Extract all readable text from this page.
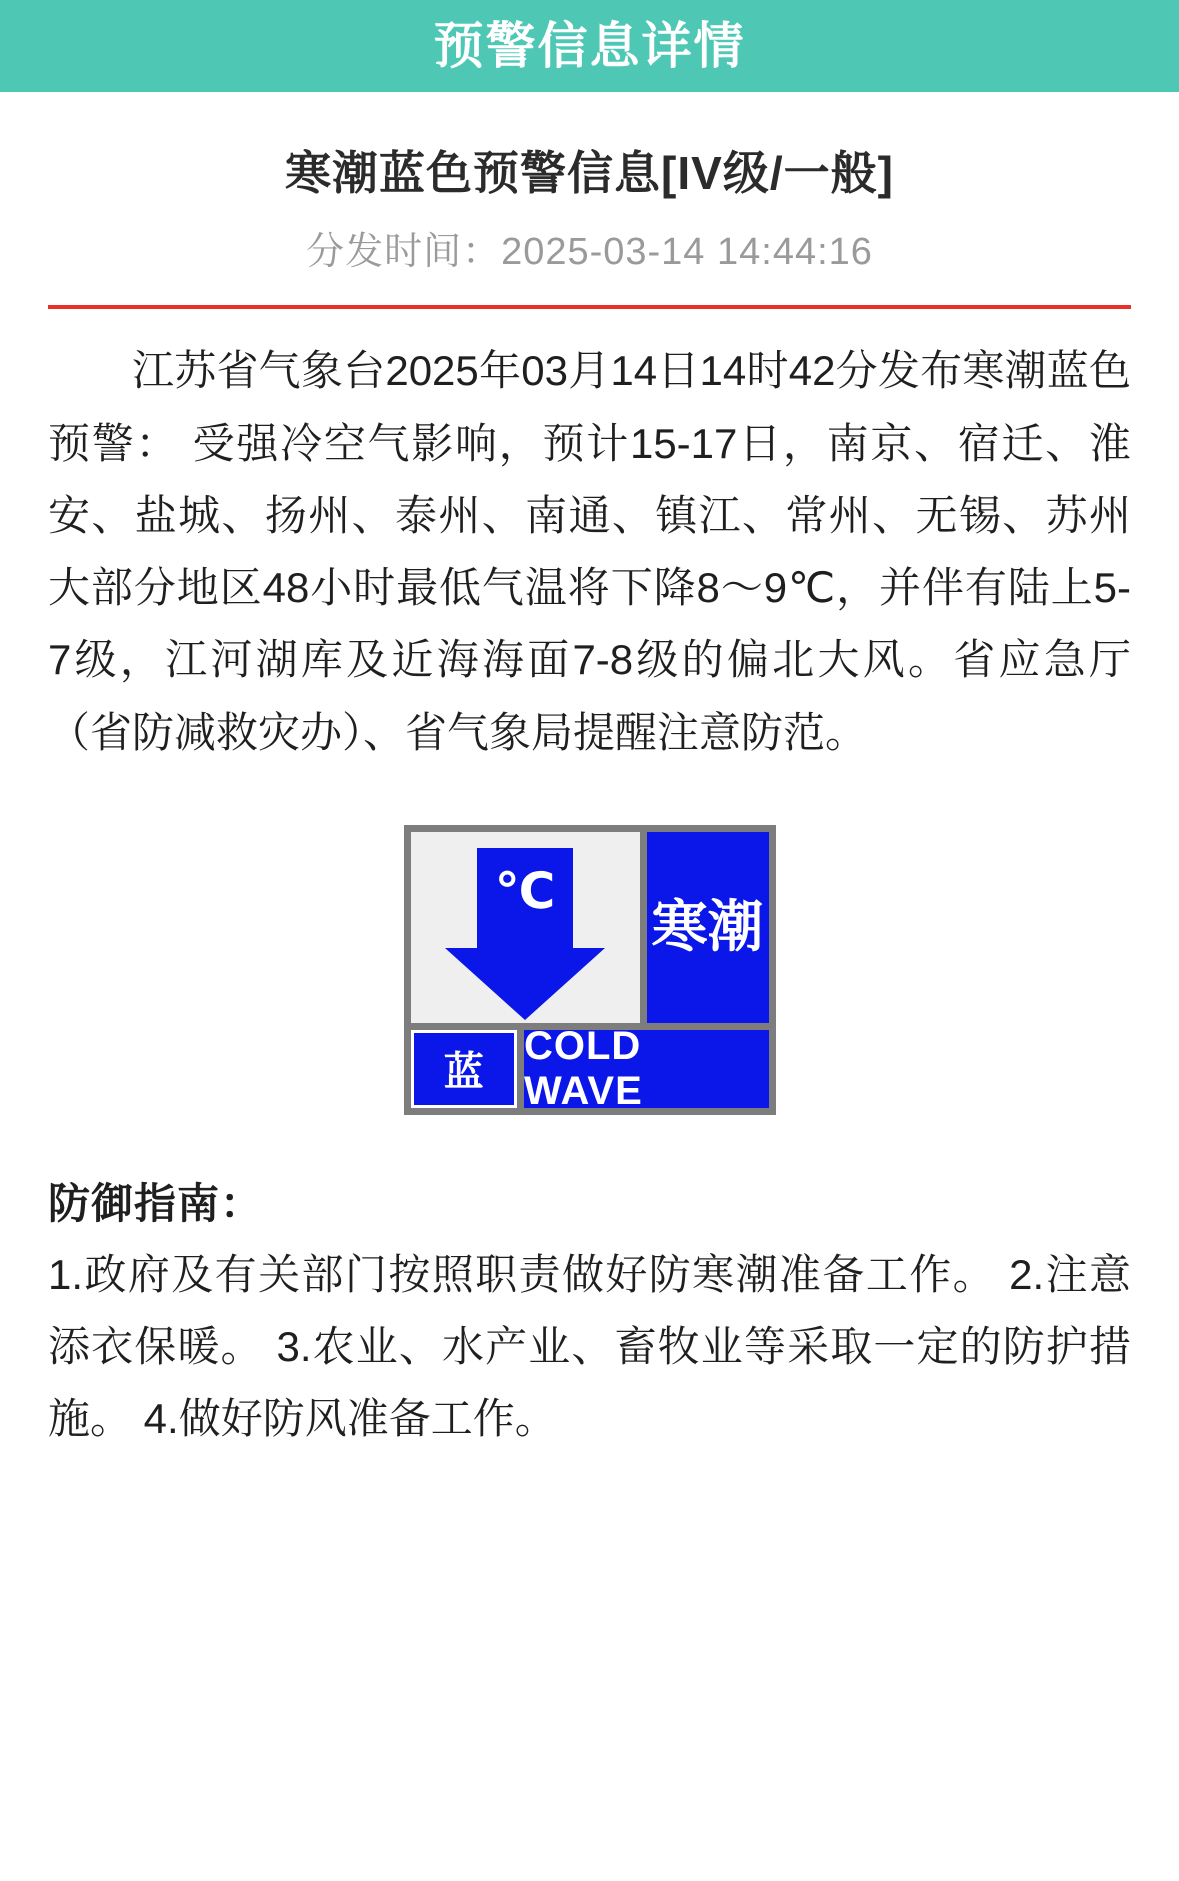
预警信息详情
寒潮蓝色预警信息[IV级/一般]
分发时间：2025-03-14 14:44:16
江苏省气象台2025年03月14日14时42分发布寒潮蓝色预警： 受强冷空气影响，预计15-17日，南京、宿迁、淮安、盐城、扬州、泰州、南通、镇江、常州、无锡、苏州大部分地区48小时最低气温将下降8～9℃，并伴有陆上5-7级，江河湖库及近海海面7-8级的偏北大风。省应急厅（省防减救灾办）、省气象局提醒注意防范。
℃
寒潮
蓝
COLD WAVE
防御指南：
1.政府及有关部门按照职责做好防寒潮准备工作。 2.注意添衣保暖。 3.农业、水产业、畜牧业等采取一定的防护措施。 4.做好防风准备工作。
